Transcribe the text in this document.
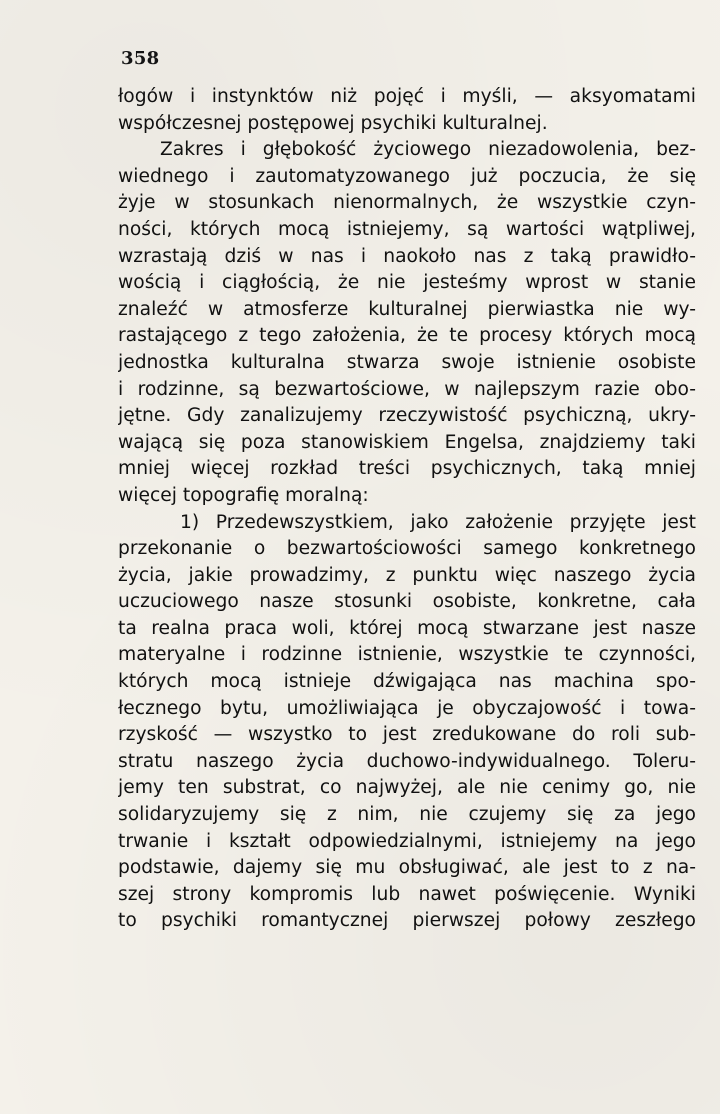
358
łogów i instynktów niż pojęć i myśli, — aksyomatami
współczesnej postępowej psychiki kulturalnej.
Zakres i głębokość życiowego niezadowolenia, bez-
wiednego i zautomatyzowanego już poczucia, że się
żyje w stosunkach nienormalnych, że wszystkie czyn-
ności, których mocą istniejemy, są wartości wątpliwej,
wzrastają dziś w nas i naokoło nas z taką prawidło-
wością i ciągłością, że nie jesteśmy wprost w stanie
znaleźć w atmosferze kulturalnej pierwiastka nie wy-
rastającego z tego założenia, że te procesy których mocą
jednostka kulturalna stwarza swoje istnienie osobiste
i rodzinne, są bezwartościowe, w najlepszym razie obo-
jętne. Gdy zanalizujemy rzeczywistość psychiczną, ukry-
wającą się poza stanowiskiem Engelsa, znajdziemy taki
mniej więcej rozkład treści psychicznych, taką mniej
więcej topografię moralną:
1) Przedewszystkiem, jako założenie przyjęte jest
przekonanie o bezwartościowości samego konkretnego
życia, jakie prowadzimy, z punktu więc naszego życia
uczuciowego nasze stosunki osobiste, konkretne, cała
ta realna praca woli, której mocą stwarzane jest nasze
materyalne i rodzinne istnienie, wszystkie te czynności,
których mocą istnieje dźwigająca nas machina spo-
łecznego bytu, umożliwiająca je obyczajowość i towa-
rzyskość — wszystko to jest zredukowane do roli sub-
stratu naszego życia duchowo-indywidualnego. Toleru-
jemy ten substrat, co najwyżej, ale nie cenimy go, nie
solidaryzujemy się z nim, nie czujemy się za jego
trwanie i kształt odpowiedzialnymi, istniejemy na jego
podstawie, dajemy się mu obsługiwać, ale jest to z na-
szej strony kompromis lub nawet poświęcenie. Wyniki
to psychiki romantycznej pierwszej połowy zeszłego
